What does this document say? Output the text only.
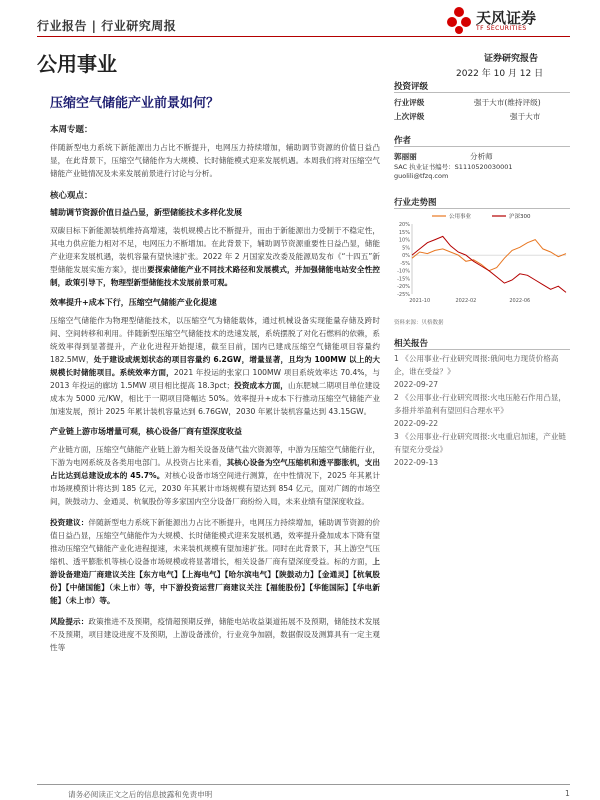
行业报告 | 行业研究周报	天风证券
TF SECURITIES
公用事业	证券研究报告
2022 年 10 月 12 日
压缩空气储能产业前景如何？
投资评级
行业评级	强于大市(维持评级)
上次评级	强于大市
作者
郭丽丽	分析师
SAC 执业证书编号：S1110520030001
guolili@tfzq.com
行业走势图
20%
15%
10%
5%
0%
-5%
-10%
-15%
-20%
-25%
2021-10	2022-02	2022-06
公用事业	沪深300
资料来源：贝格数据
相关报告
1 《公用事业-行业研究周报:俄间电力现货价格高企，谁在受益？》
2022-09-27
2 《公用事业-行业研究周报:火电压舱石作用凸显，多措并举盈利有望回归合理水平》
2022-09-22
3 《公用事业-行业研究周报:火电重启加速，产业链有望充分受益》
2022-09-13
本周专题：
伴随新型电力系统下新能源出力占比不断提升，电网压力持续增加，辅助调节资源的价值日益凸显，在此背景下，压缩空气储能作为大规模、长时储能模式迎来发展机遇。本周我们将对压缩空气储能产业链情况及未来发展前景进行讨论与分析。
核心观点：
辅助调节资源价值日益凸显，新型储能技术多样化发展
双碳目标下新能源装机维持高增速，装机规模占比不断提升，而由于新能源出力受制于不稳定性，其电力供应能力相对不足，电网压力不断增加。在此背景下，辅助调节资源重要性日益凸显，储能产业迎来发展机遇，装机容量有望快速扩张。2022 年 2 月国家发改委及能源局发布《“十四五”新型储能发展实施方案》，提出要探索储能产业不同技术路径和发展模式，并加强储能电站安全性控制，政策引导下，物理型新型储能技术发展前景可观。
效率提升+成本下行，压缩空气储能产业化提速
压缩空气储能作为物理型储能技术，以压缩空气为储能载体，通过机械设备实现能量存储及跨时间、空间转移和利用。伴随新型压缩空气储能技术的迭速发展，系统摆脱了对化石燃料的依赖，系统效率得到显著提升，产业化进程开始提速，截至目前，国内已建成压缩空气储能项目容量约 182.5MW，处于建设或规划状态的项目容量约 6.2GW，增量显著，且均为 100MW 以上的大规模长时储能项目。系统效率方面，2021 年投运的张家口 100MW 项目系统效率达 70.4%，与 2013 年投运的廊坊 1.5MW 项目相比提高 18.3pct；投资成本方面，山东肥城二期项目单位建设成本为 5000 元/KW，相比于一期项目降幅达 50%。效率提升+成本下行推动压缩空气储能产业加速发展，预计 2025 年累计装机容量达到 6.76GW，2030 年累计装机容量达到 43.15GW。
产业链上游市场增量可观，核心设备厂商有望深度收益
产业链方面，压缩空气储能产业链上游为相关设备及储气盐穴资源等，中游为压缩空气储能行业，下游为电网系统及各类用电部门。从投资占比来看，其核心设备为空气压缩机和透平膨胀机，支出占比达到总建设成本的 45.7%。对核心设备市场空间进行测算，在中性情况下，2025 年其累计市场规模预计将达到 185 亿元，2030 年其累计市场规模有望达到 854 亿元，面对广阔的市场空间，陕鼓动力、金通灵、杭氧股份等多家国内空分设备厂商纷纷入局，未来业绩有望深度收益。
投资建议：伴随新型电力系统下新能源出力占比不断提升，电网压力持续增加，辅助调节资源的价值日益凸显，压缩空气储能作为大规模、长时储能模式迎来发展机遇，效率提升叠加成本下降有望推动压缩空气储能产业化进程提速，未来装机规模有望加速扩张。同时在此背景下，其上游空气压缩机、透平膨胀机等核心设备市场规模或将显著增长，相关设备厂商有望深度受益。标的方面，上游设备建造厂商建议关注【东方电气】【上海电气】【哈尔滨电气】【陕鼓动力】【金通灵】【杭氧股份】【中储国能】（未上市）等，中下游投资运营厂商建议关注【福能股份】【华能国际】【华电新能】（未上市）等。
风险提示：政策推进不及预期，疫情超预期反弹，储能电站收益渠道拓展不及预期，储能技术发展不及预期，项目建设进度不及预期，上游设备涨价，行业竞争加剧，数据假设及测算具有一定主观性等
请务必阅读正文之后的信息披露和免责申明	1
